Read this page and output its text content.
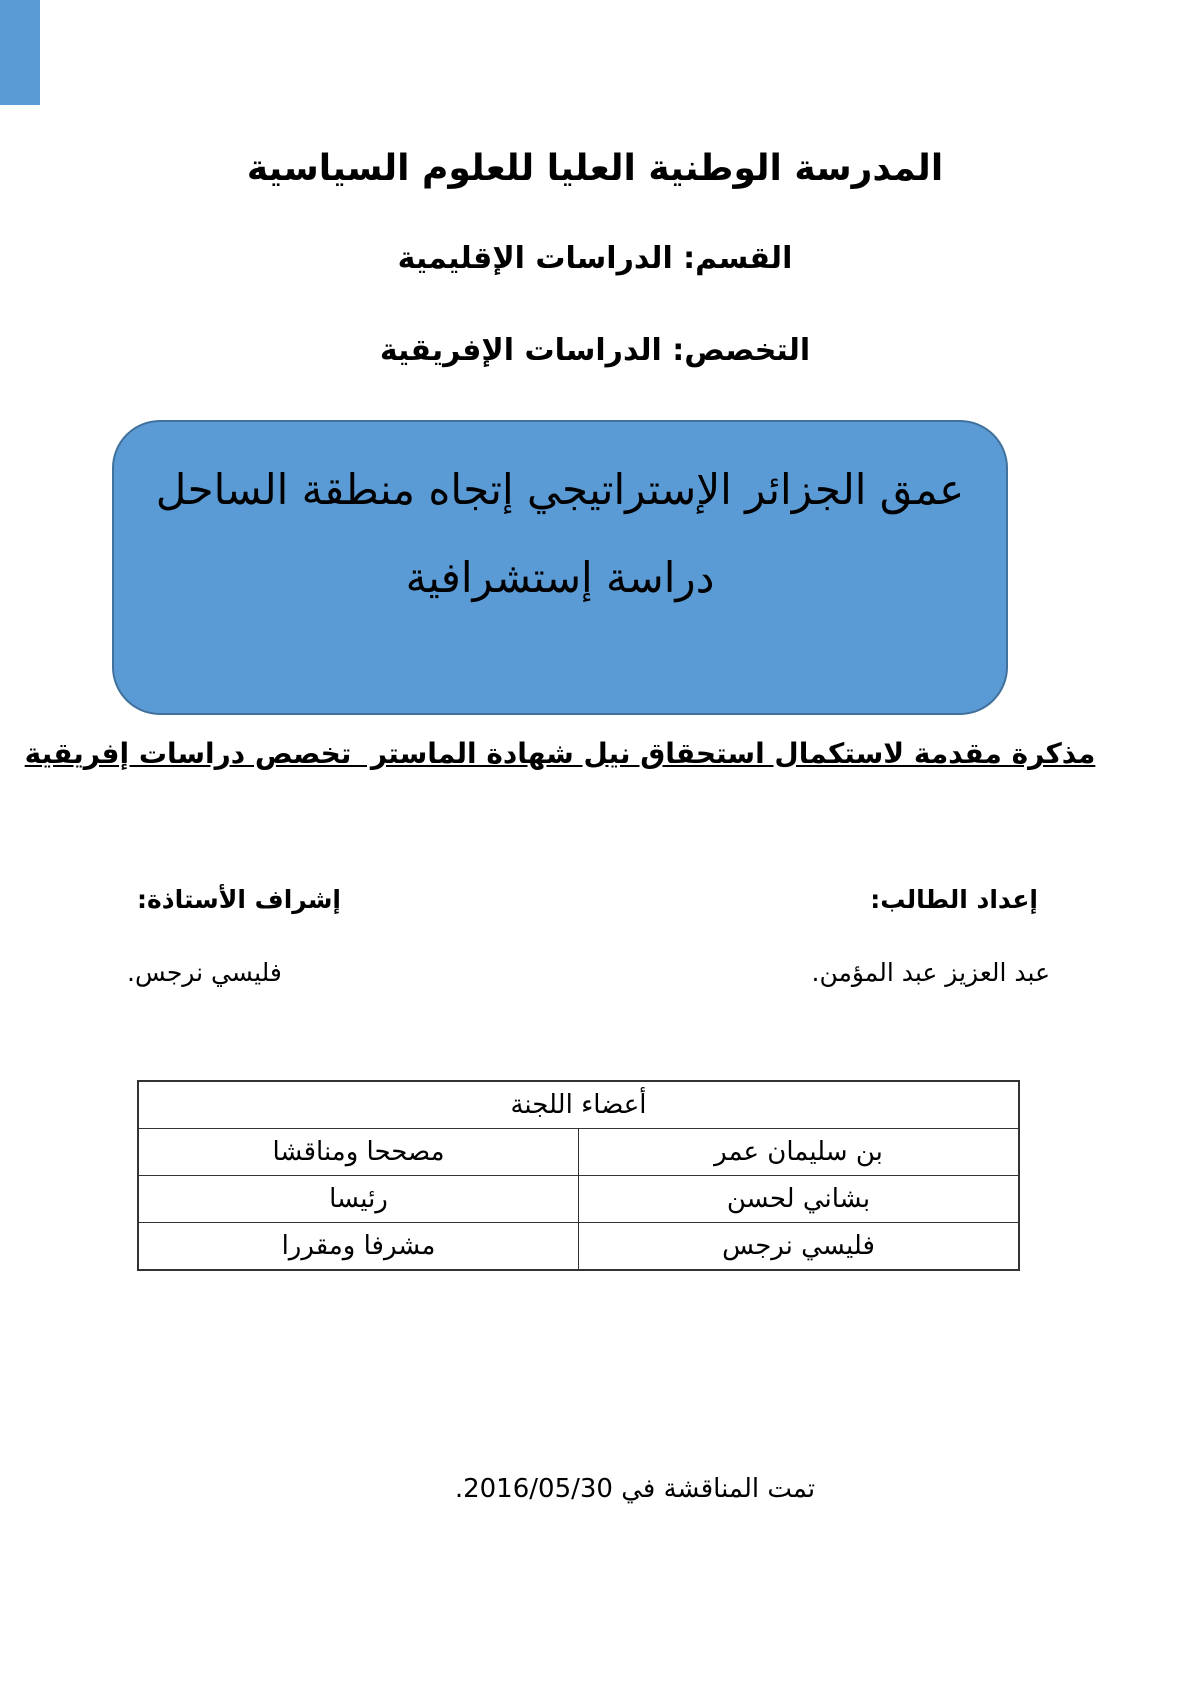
المدرسة الوطنية العليا للعلوم السياسية
القسم: الدراسات الإقليمية
التخصص: الدراسات الإفريقية
عمق الجزائر الإستراتيجي إتجاه منطقة الساحل
دراسة إستشرافية
مذكرة مقدمة لاستكمال استحقاق نيل شهادة الماستر  تخصص دراسات إفريقية
إعداد الطالب:
إشراف الأستاذة:
عبد العزيز عبد المؤمن.
فليسي نرجس.
أعضاء اللجنة	
بن سليمان عمر	مصححا ومناقشا
بشاني لحسن	رئيسا
فليسي نرجس	مشرفا ومقررا
تمت المناقشة في 2016/05/30.
